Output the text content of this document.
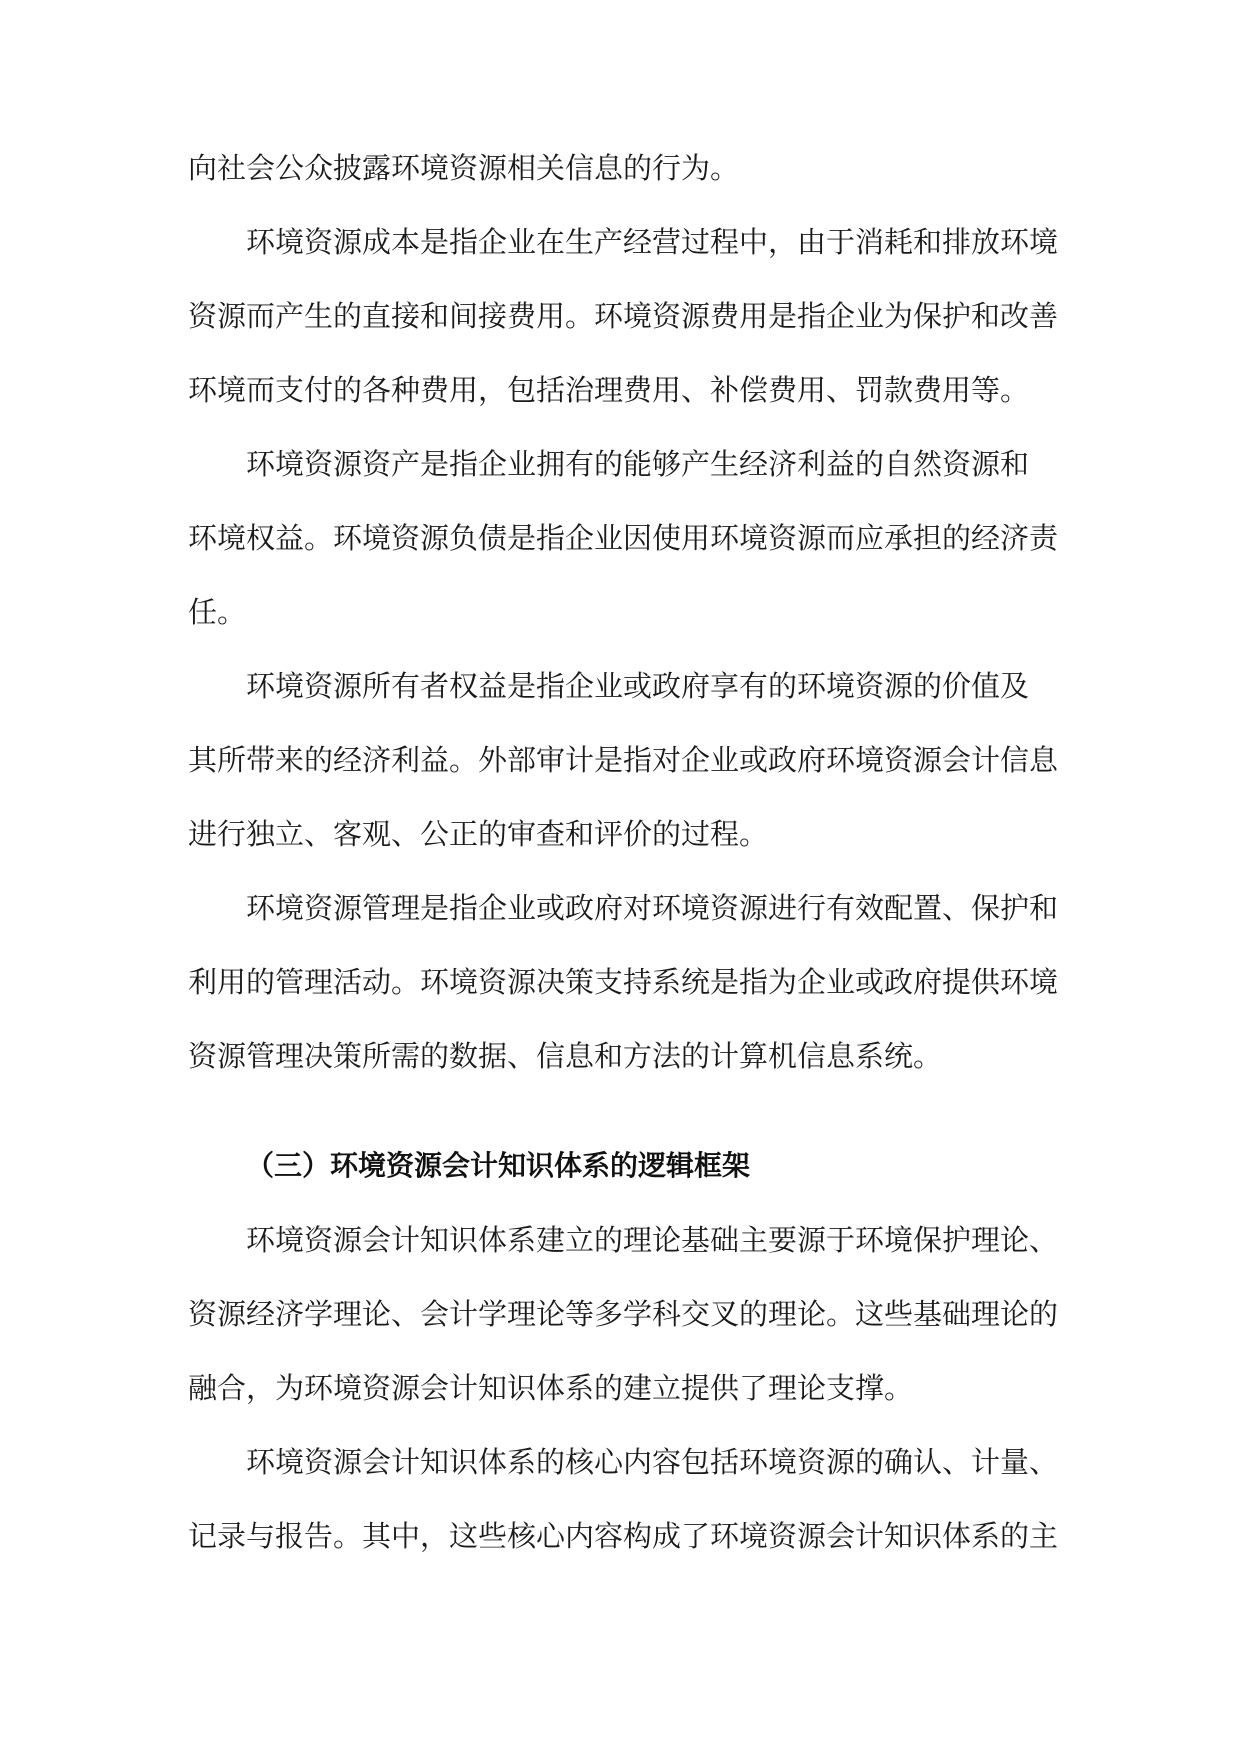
向社会公众披露环境资源相关信息的行为。

环境资源成本是指企业在生产经营过程中，由于消耗和排放环境

资源而产生的直接和间接费用。环境资源费用是指企业为保护和改善

环境而支付的各种费用，包括治理费用、补偿费用、罚款费用等。

环境资源资产是指企业拥有的能够产生经济利益的自然资源和

环境权益。环境资源负债是指企业因使用环境资源而应承担的经济责

任。

环境资源所有者权益是指企业或政府享有的环境资源的价值及

其所带来的经济利益。外部审计是指对企业或政府环境资源会计信息

进行独立、客观、公正的审查和评价的过程。

环境资源管理是指企业或政府对环境资源进行有效配置、保护和

利用的管理活动。环境资源决策支持系统是指为企业或政府提供环境

资源管理决策所需的数据、信息和方法的计算机信息系统。

（三）环境资源会计知识体系的逻辑框架

环境资源会计知识体系建立的理论基础主要源于环境保护理论、

资源经济学理论、会计学理论等多学科交叉的理论。这些基础理论的

融合，为环境资源会计知识体系的建立提供了理论支撑。

环境资源会计知识体系的核心内容包括环境资源的确认、计量、

记录与报告。其中，这些核心内容构成了环境资源会计知识体系的主
